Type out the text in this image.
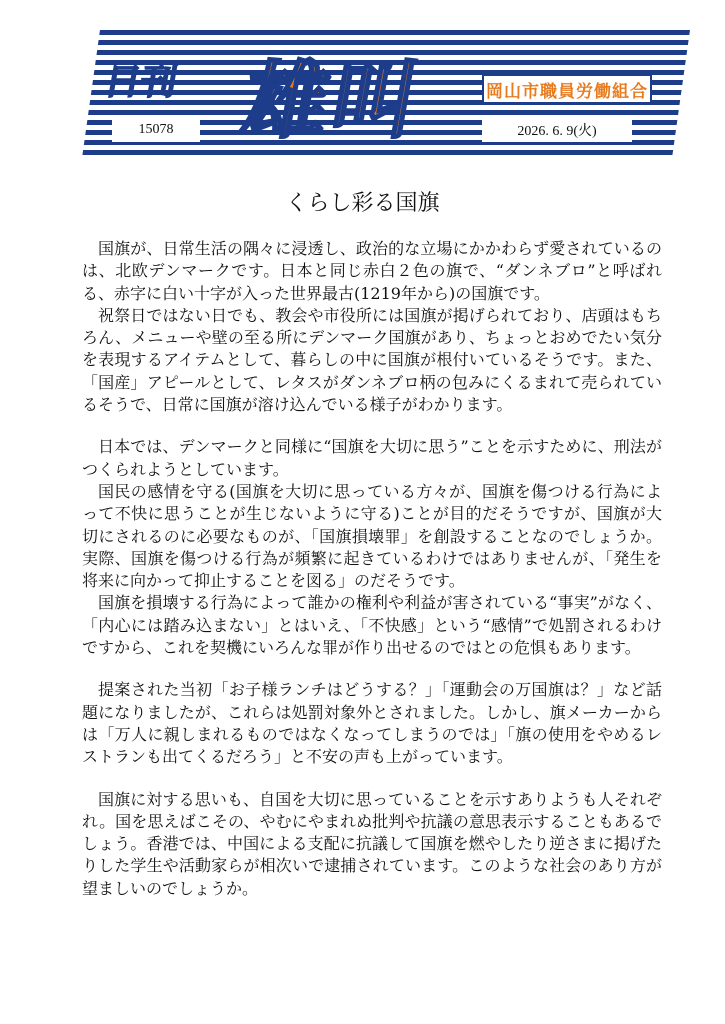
日刊 雄叫	岡山市職員労働組合
15078	2026. 6. 9(火)
くらし彩る国旗

国旗が、日常生活の隅々に浸透し、政治的な立場にかかわらず愛されているのは、北欧デンマークです。日本と同じ赤白２色の旗で、“ダンネブロ”と呼ばれる、赤字に白い十字が入った世界最古(1219年から)の国旗です。

祝祭日ではない日でも、教会や市役所には国旗が掲げられており、店頭はもちろん、メニューや壁の至る所にデンマーク国旗があり、ちょっとおめでたい気分を表現するアイテムとして、暮らしの中に国旗が根付いているそうです。また、「国産」アピールとして、レタスがダンネブロ柄の包みにくるまれて売られているそうで、日常に国旗が溶け込んでいる様子がわかります。

日本では、デンマークと同様に“国旗を大切に思う”ことを示すために、刑法がつくられようとしています。

国民の感情を守る(国旗を大切に思っている方々が、国旗を傷つける行為によって不快に思うことが生じないように守る)ことが目的だそうですが、国旗が大切にされるのに必要なものが、「国旗損壊罪」を創設することなのでしょうか。実際、国旗を傷つける行為が頻繁に起きているわけではありませんが、「発生を将来に向かって抑止することを図る」のだそうです。

国旗を損壊する行為によって誰かの権利や利益が害されている“事実”がなく、「内心には踏み込まない」とはいえ、「不快感」という“感情”で処罰されるわけですから、これを契機にいろんな罪が作り出せるのではとの危惧もあります。

提案された当初「お子様ランチはどうする？」「運動会の万国旗は？」など話題になりましたが、これらは処罰対象外とされました。しかし、旗メーカーからは「万人に親しまれるものではなくなってしまうのでは」「旗の使用をやめるレストランも出てくるだろう」と不安の声も上がっています。

国旗に対する思いも、自国を大切に思っていることを示すありようも人それぞれ。国を思えばこその、やむにやまれぬ批判や抗議の意思表示することもあるでしょう。香港では、中国による支配に抗議して国旗を燃やしたり逆さまに掲げたりした学生や活動家らが相次いで逮捕されています。このような社会のあり方が望ましいのでしょうか。
